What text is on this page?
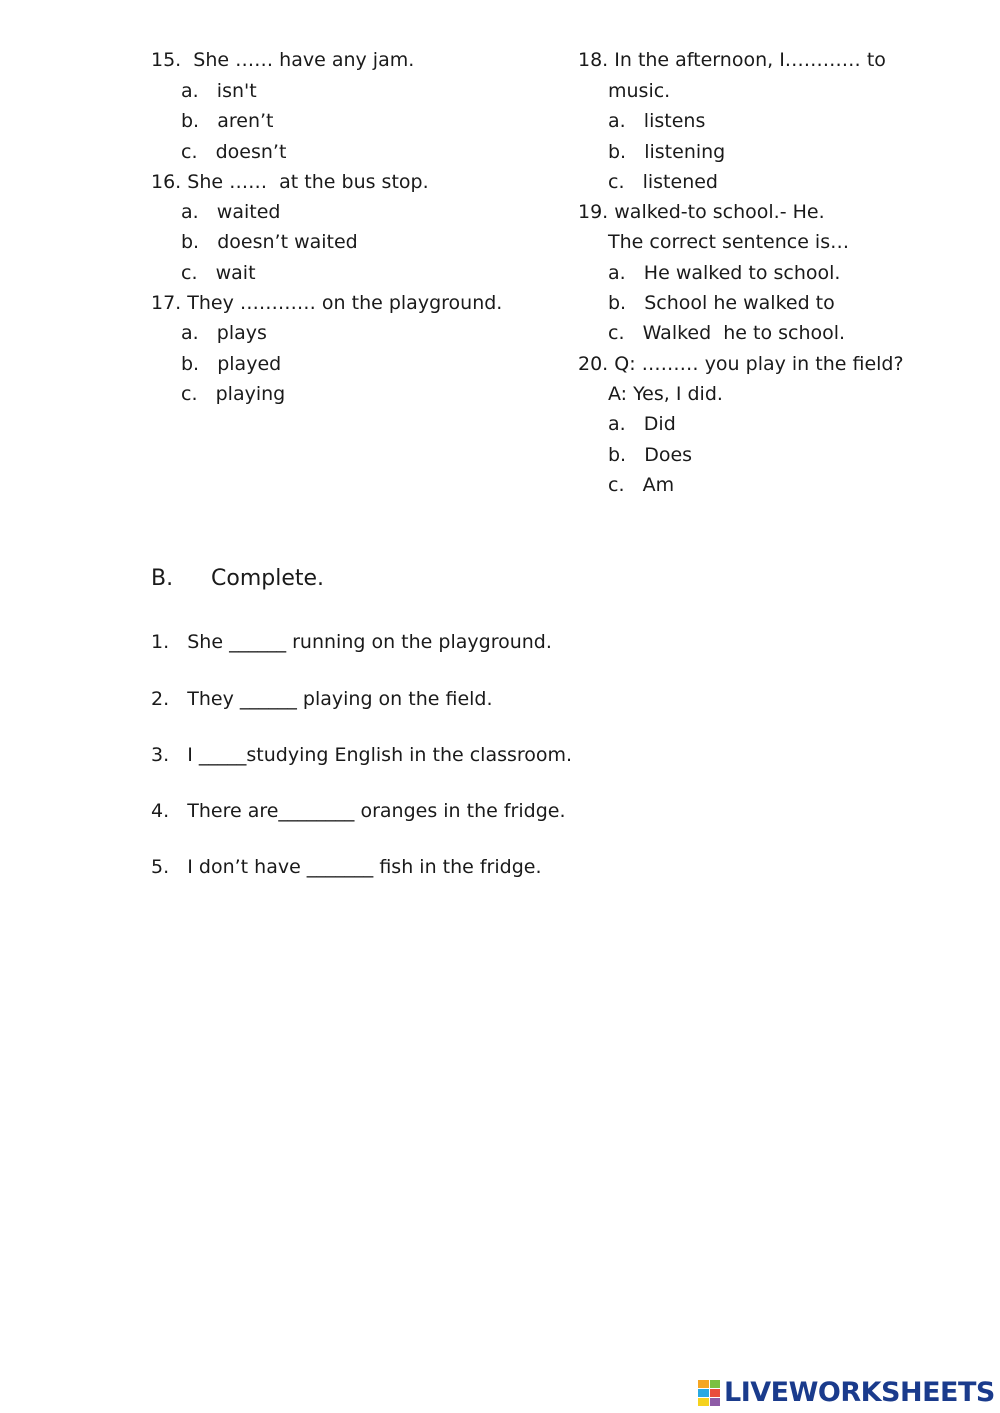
15.  She …… have any jam.
a.   isn't
b.   aren’t
c.   doesn’t
16. She ……  at the bus stop.
a.   waited
b.   doesn’t waited
c.   wait
17. They ………… on the playground.
a.   plays
b.   played
c.   playing
18. In the afternoon, I………… to
music.
a.   listens
b.   listening
c.   listened
19. walked-to school.- He.
The correct sentence is…
a.   He walked to school.
b.   School he walked to
c.   Walked  he to school.
20. Q: ……… you play in the field?
A: Yes, I did.
a.   Did
b.   Does
c.   Am
B. Complete.
1.   She ______ running on the playground.
2.   They ______ playing on the field.
3.   I _____studying English in the classroom.
4.   There are________ oranges in the fridge.
5.   I don’t have _______ fish in the fridge.
LIVEWORKSHEETS
